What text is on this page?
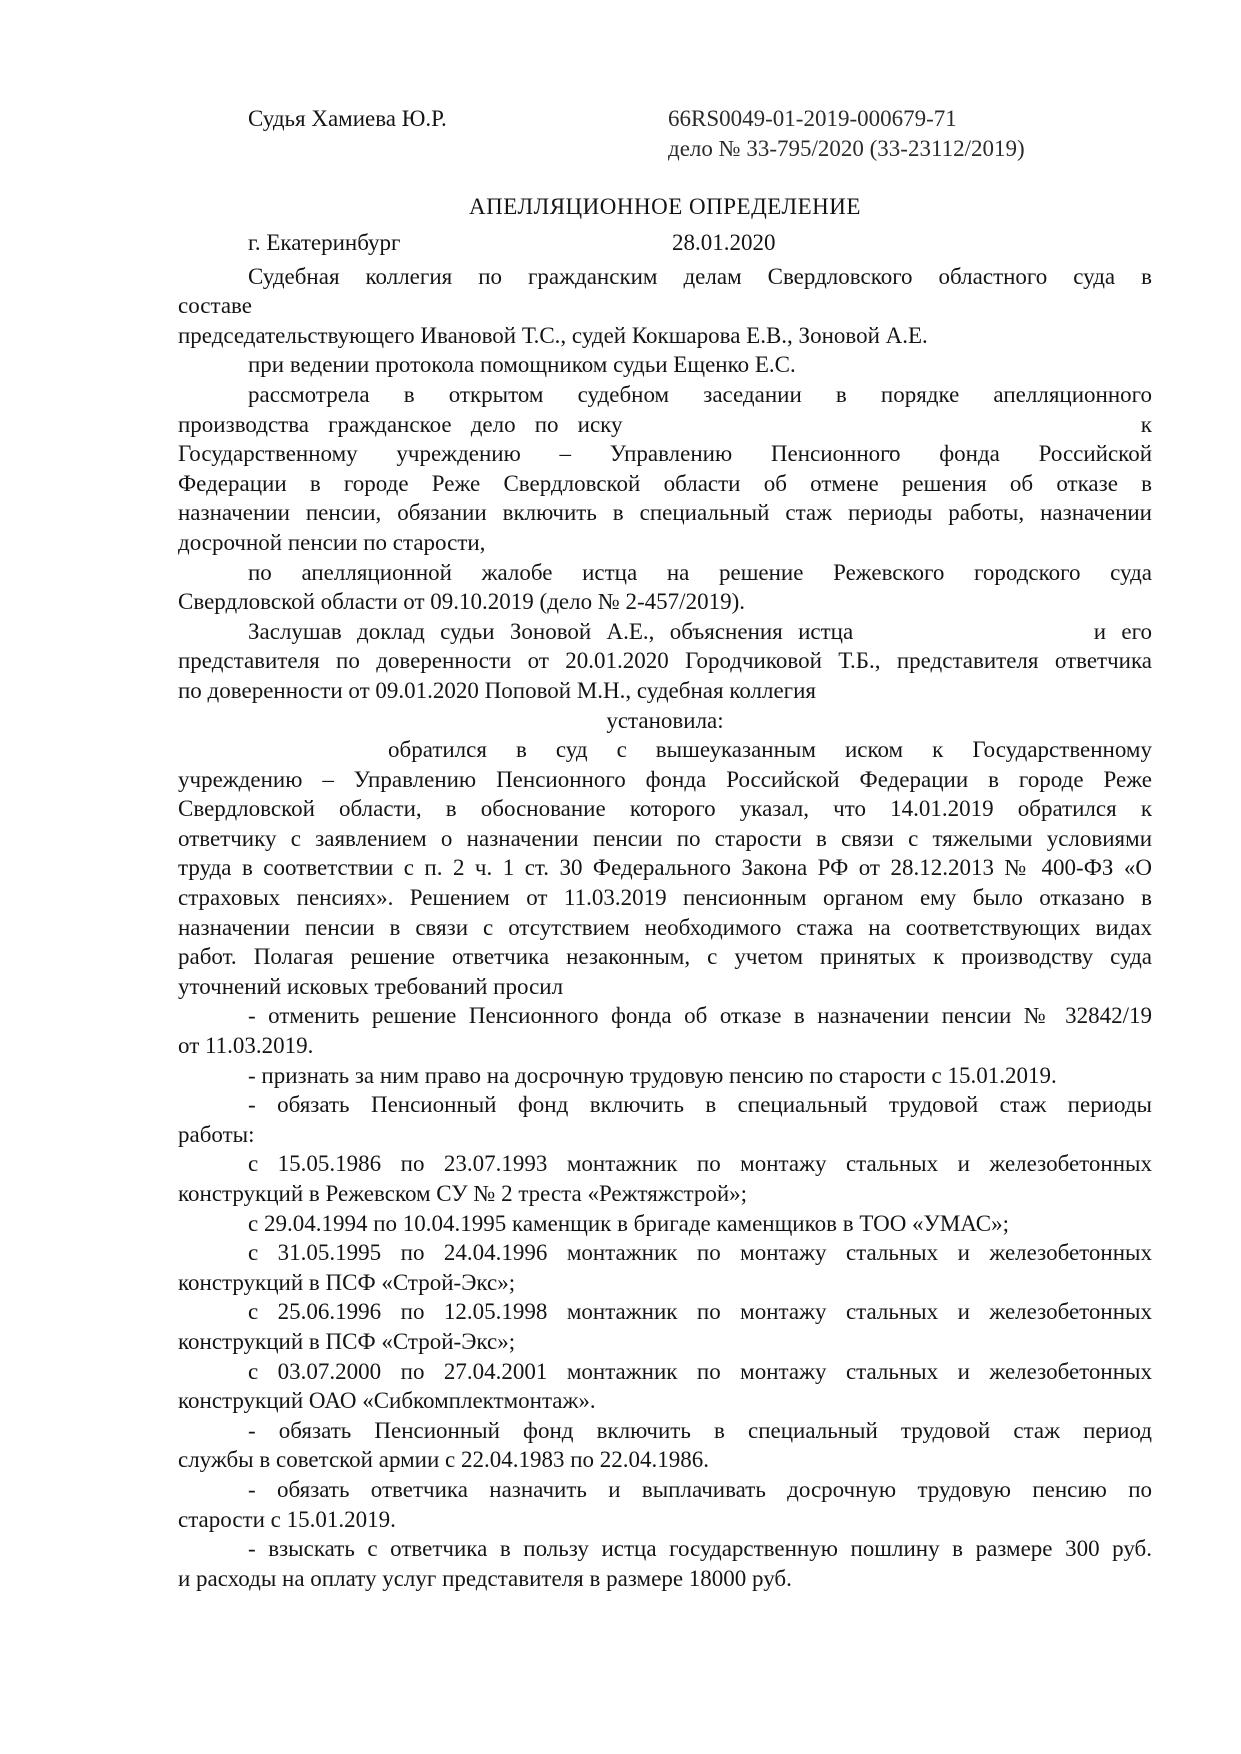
Судья Хамиева Ю.Р.	66RS0049-01-2019-000679-71
дело № 33-795/2020 (33-23112/2019)
АПЕЛЛЯЦИОННОЕ ОПРЕДЕЛЕНИЕ
г. Екатеринбург	28.01.2020
Судебная коллегия по гражданским делам Свердловского областного суда в
составе
председательствующего Ивановой Т.С., судей Кокшарова Е.В., Зоновой А.Е.
при ведении протокола помощником судьи Ещенко Е.С.
рассмотрела в открытом судебном заседании в порядке апелляционного
производства гражданское дело по иску	к
Государственному учреждению – Управлению Пенсионного фонда Российской
Федерации в городе Реже Свердловской области об отмене решения об отказе в
назначении пенсии, обязании включить в специальный стаж периоды работы, назначении
досрочной пенсии по старости,
по апелляционной жалобе истца на решение Режевского городского суда
Свердловской области от 09.10.2019 (дело № 2-457/2019).
Заслушав доклад судьи Зоновой А.Е., объяснения истца	и его
представителя по доверенности от 20.01.2020 Городчиковой Т.Б., представителя ответчика
по доверенности от 09.01.2020 Поповой М.Н., судебная коллегия
установила:
обратился в суд с вышеуказанным иском к Государственному
учреждению – Управлению Пенсионного фонда Российской Федерации в городе Реже
Свердловской области, в обоснование которого указал, что 14.01.2019 обратился к
ответчику с заявлением о назначении пенсии по старости в связи с тяжелыми условиями
труда в соответствии с п. 2 ч. 1 ст. 30 Федерального Закона РФ от 28.12.2013 № 400-ФЗ «О
страховых пенсиях». Решением от 11.03.2019 пенсионным органом ему было отказано в
назначении пенсии в связи с отсутствием необходимого стажа на соответствующих видах
работ. Полагая решение ответчика незаконным, с учетом принятых к производству суда
уточнений исковых требований просил
- отменить решение Пенсионного фонда об отказе в назначении пенсии № 32842/19
от 11.03.2019.
- признать за ним право на досрочную трудовую пенсию по старости с 15.01.2019.
- обязать Пенсионный фонд включить в специальный трудовой стаж периоды
работы:
с 15.05.1986 по 23.07.1993 монтажник по монтажу стальных и железобетонных
конструкций в Режевском СУ № 2 треста «Режтяжстрой»;
с 29.04.1994 по 10.04.1995 каменщик в бригаде каменщиков в ТОО «УМАС»;
с 31.05.1995 по 24.04.1996 монтажник по монтажу стальных и железобетонных
конструкций в ПСФ «Строй-Экс»;
с 25.06.1996 по 12.05.1998 монтажник по монтажу стальных и железобетонных
конструкций в ПСФ «Строй-Экс»;
с 03.07.2000 по 27.04.2001 монтажник по монтажу стальных и железобетонных
конструкций ОАО «Сибкомплектмонтаж».
- обязать Пенсионный фонд включить в специальный трудовой стаж период
службы в советской армии с 22.04.1983 по 22.04.1986.
- обязать ответчика назначить и выплачивать досрочную трудовую пенсию по
старости с 15.01.2019.
- взыскать с ответчика в пользу истца государственную пошлину в размере 300 руб.
и расходы на оплату услуг представителя в размере 18000 руб.
